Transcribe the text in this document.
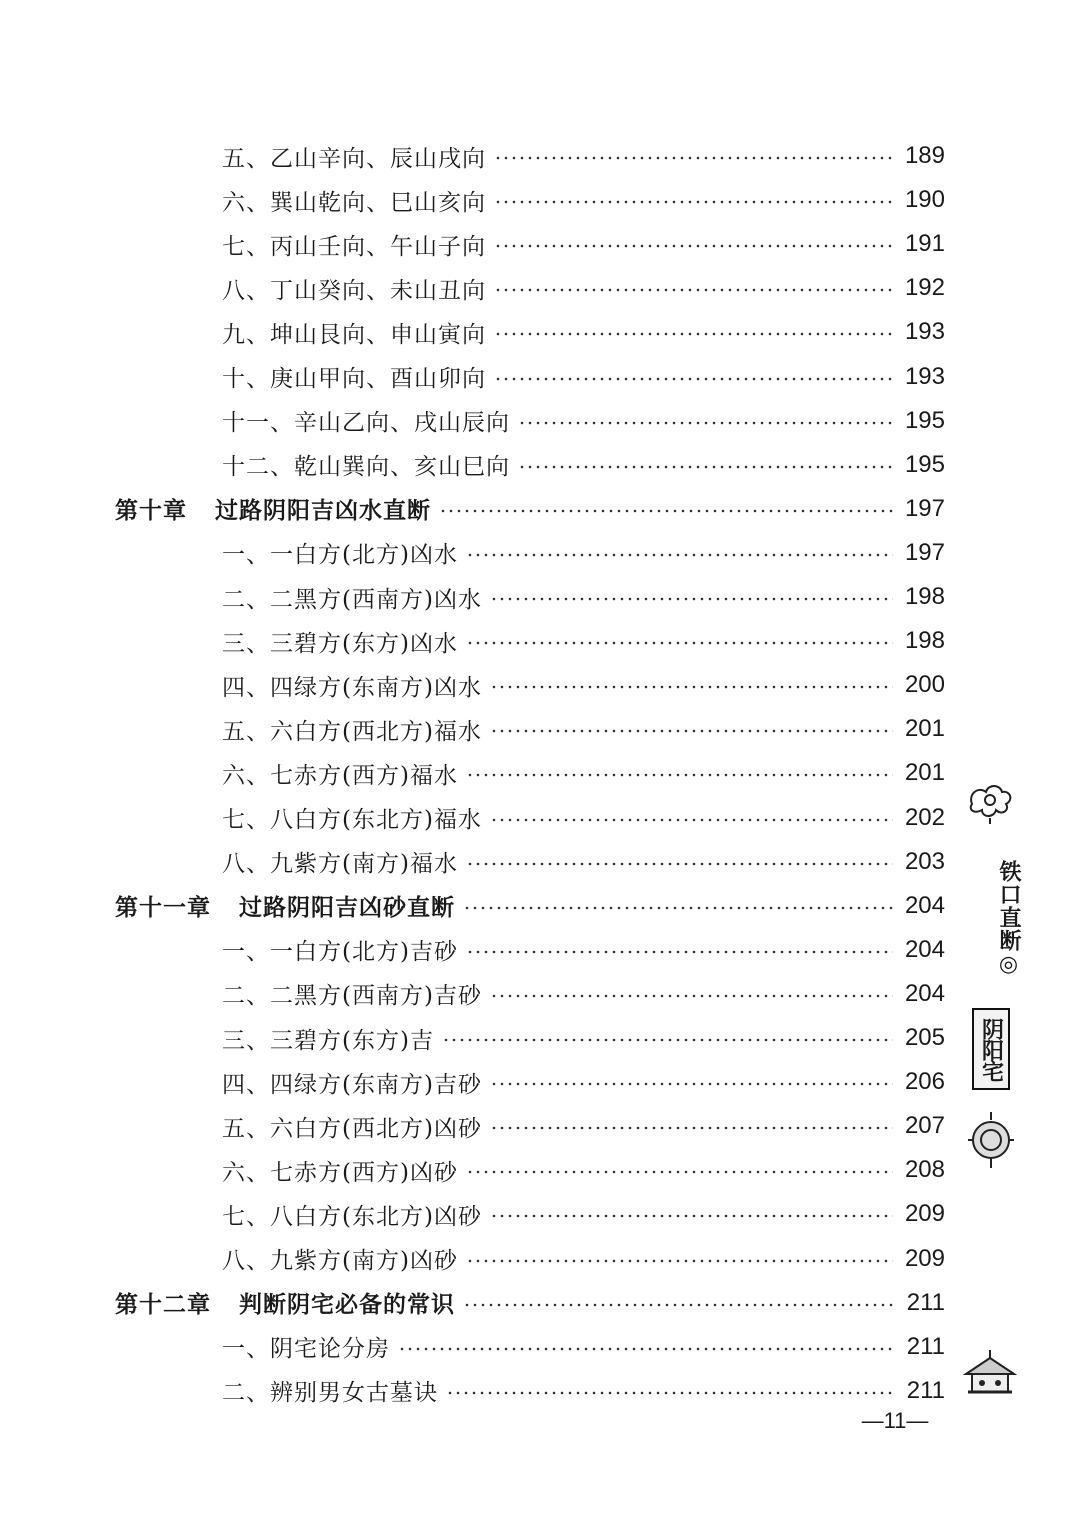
五、乙山辛向、辰山戌向	189
六、巽山乾向、巳山亥向	190
七、丙山壬向、午山子向	191
八、丁山癸向、未山丑向	192
九、坤山艮向、申山寅向	193
十、庚山甲向、酉山卯向	193
十一、辛山乙向、戌山辰向	195
十二、乾山巽向、亥山巳向	195
第十章 过路阴阳吉凶水直断	197
一、一白方(北方)凶水	197
二、二黑方(西南方)凶水	198
三、三碧方(东方)凶水	198
四、四绿方(东南方)凶水	200
五、六白方(西北方)福水	201
六、七赤方(西方)福水	201
七、八白方(东北方)福水	202
八、九紫方(南方)福水	203
第十一章 过路阴阳吉凶砂直断	204
一、一白方(北方)吉砂	204
二、二黑方(西南方)吉砂	204
三、三碧方(东方)吉	205
四、四绿方(东南方)吉砂	206
五、六白方(西北方)凶砂	207
六、七赤方(西方)凶砂	208
七、八白方(东北方)凶砂	209
八、九紫方(南方)凶砂	209
第十二章 判断阴宅必备的常识	211
一、阴宅论分房	211
二、辨别男女古墓诀	211
—11—
铁口直断◎
阴阳宅
